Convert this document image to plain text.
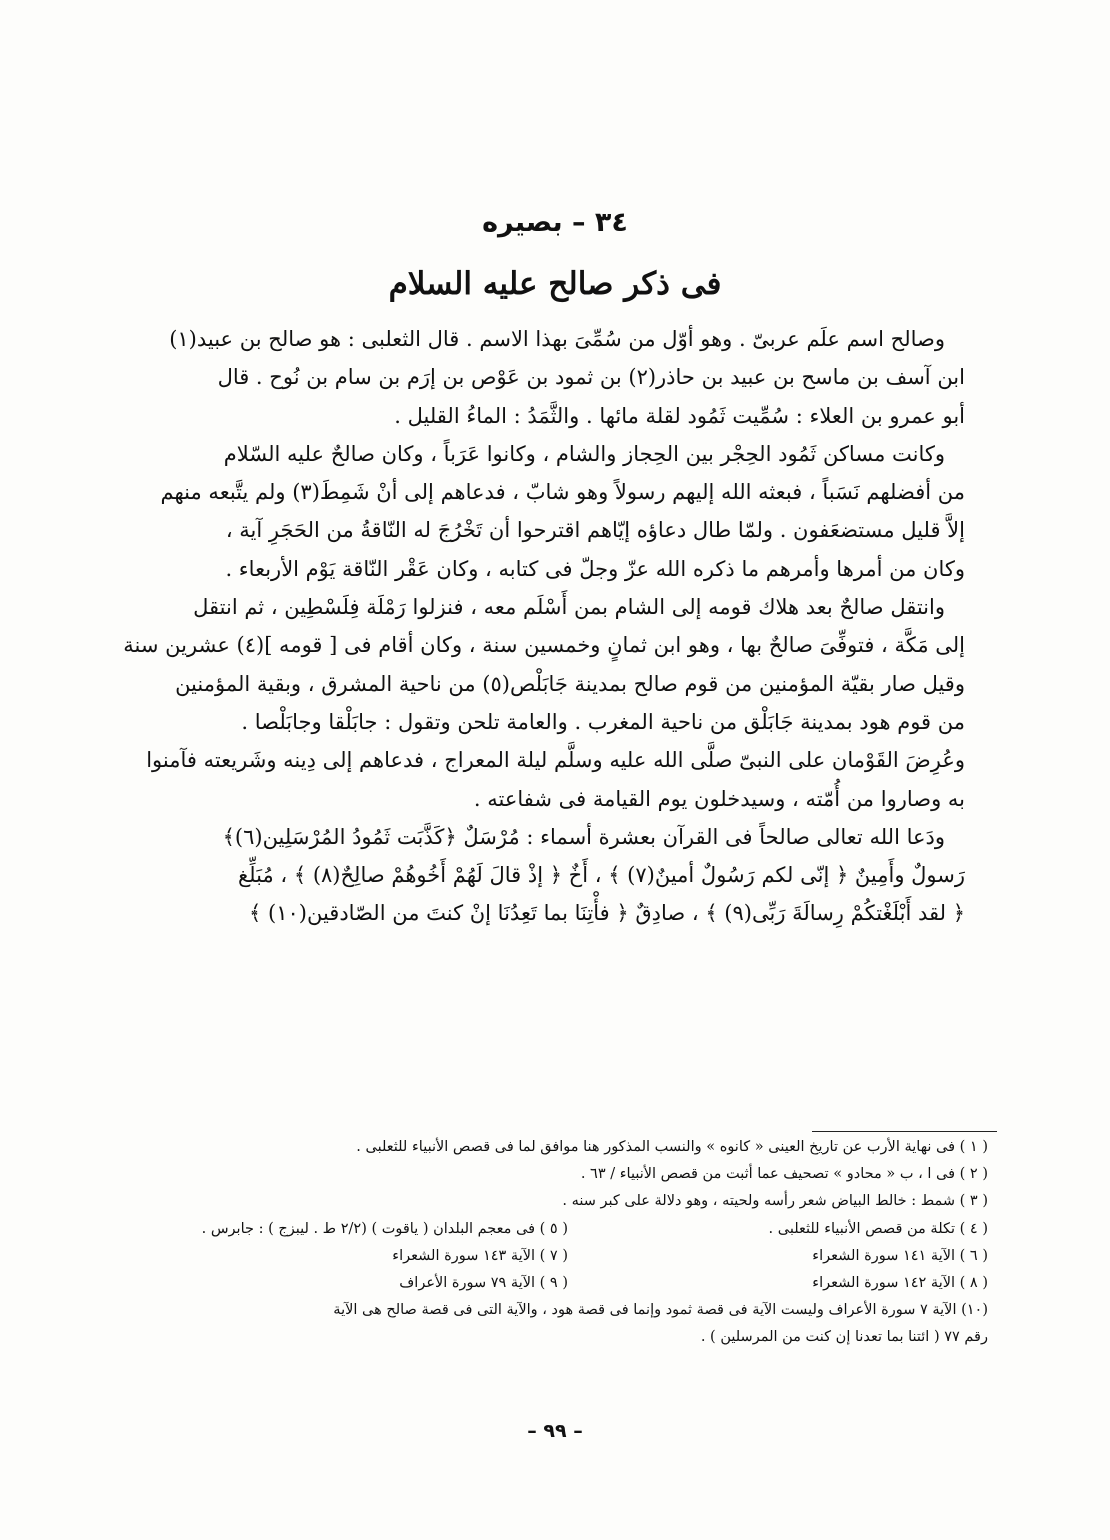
٣٤ – بصيره
فى ذكر صالح عليه السلام
وصالح اسم علَم عربىّ . وهو أوّل من سُمِّىَ بهذا الاسم . قال الثعلبى : هو صالح بن عبيد(١)
ابن آسف بن ماسح بن عبيد بن حاذر(٢) بن ثمود بن عَوْص بن إرَم بن سام بن نُوح . قال
أبو عمرو بن العلاء : سُمِّيت ثَمُود لقلة مائها . والثَّمَدُ : الماءُ القليل .
وكانت مساكن ثَمُود الحِجْر بين الحِجاز والشام ، وكانوا عَرَباً ، وكان صالحٌ عليه السّلام
من أفضلهم نَسَباً ، فبعثه الله إليهم رسولاً وهو شابّ ، فدعاهم إلى أنْ شَمِطَ(٣) ولم يتَّبعه منهم
إلاَّ قليل مستضعَفون . ولمّا طال دعاؤه إيّاهم اقترحوا أن تَخْرُجَ له النّاقةُ من الحَجَرِ آية ،
وكان من أمرها وأمرهم ما ذكره الله عزّ وجلّ فى كتابه ، وكان عَقْر النّاقة يَوْم الأربعاء .
وانتقل صالحٌ بعد هلاك قومه إلى الشام بمن أَسْلَم معه ، فنزلوا رَمْلَة فِلَسْطِين ، ثم انتقل
إلى مَكَّة ، فتوفِّىَ صالحٌ بها ، وهو ابن ثمانٍ وخمسين سنة ، وكان أقام فى [ قومه ](٤) عشرين سنة
وقيل صار بقيّة المؤمنين من قوم صالح بمدينة جَابَلْص(٥) من ناحية المشرق ، وبقية المؤمنين
من قوم هود بمدينة جَابَلْق من ناحية المغرب . والعامة تلحن وتقول : جابَلْقا وجابَلْصا .
وعُرِضَ القَوْمان على النبىّ صلَّى الله عليه وسلَّم ليلة المعراج ، فدعاهم إلى دِينه وشَريعته فآمنوا
به وصاروا من أُمّته ، وسيدخلون يوم القيامة فى شفاعته .
ودَعا الله تعالى صالحاً فى القرآن بعشرة أسماء : مُرْسَلٌ ﴿كَذَّبَت ثَمُودُ المُرْسَلِين(٦)﴾
رَسولٌ وأَمِينٌ ﴿ إنّى لكم رَسُولٌ أمينٌ(٧) ﴾ ، أَخٌ ﴿ إذْ قالَ لَهُمْ أَخُوهُمْ صالِحٌ(٨) ﴾ ، مُبَلِّغ
﴿ لقد أَبْلَغْتكُمْ رِسالَةَ رَبِّى(٩) ﴾ ، صادِقٌ ﴿ فأْتِنَا بما تَعِدُنَا إنْ كنتَ من الصّادقين(١٠) ﴾
( ١ ) فى نهاية الأرب عن تاريخ العينى « كانوه » والنسب المذكور هنا موافق لما فى قصص الأنبياء للثعلبى .
( ٢ ) فى ا ، ب « محادو » تصحيف عما أثبت من قصص الأنبياء / ٦٣ .
( ٣ ) شمط : خالط البياض شعر رأسه ولحيته ، وهو دلالة على كبر سنه .
( ٤ ) تكلة من قصص الأنبياء للثعلبى .
( ٥ ) فى معجم البلدان ( ياقوت ) (٢/٢ ط . ليبزج ) : جابرس .
( ٦ ) الآية ١٤١ سورة الشعراء
( ٧ ) الآية ١٤٣ سورة الشعراء
( ٨ ) الآية ١٤٢ سورة الشعراء
( ٩ ) الآية ٧٩ سورة الأعراف
(١٠) الآية ٧ سورة الأعراف وليست الآية فى قصة ثمود وإنما فى قصة هود ، والآية التى فى قصة صالح هى الآية
رقم ٧٧ ( ائتنا بما تعدنا إن كنت من المرسلين ) .
– ٩٩ –
